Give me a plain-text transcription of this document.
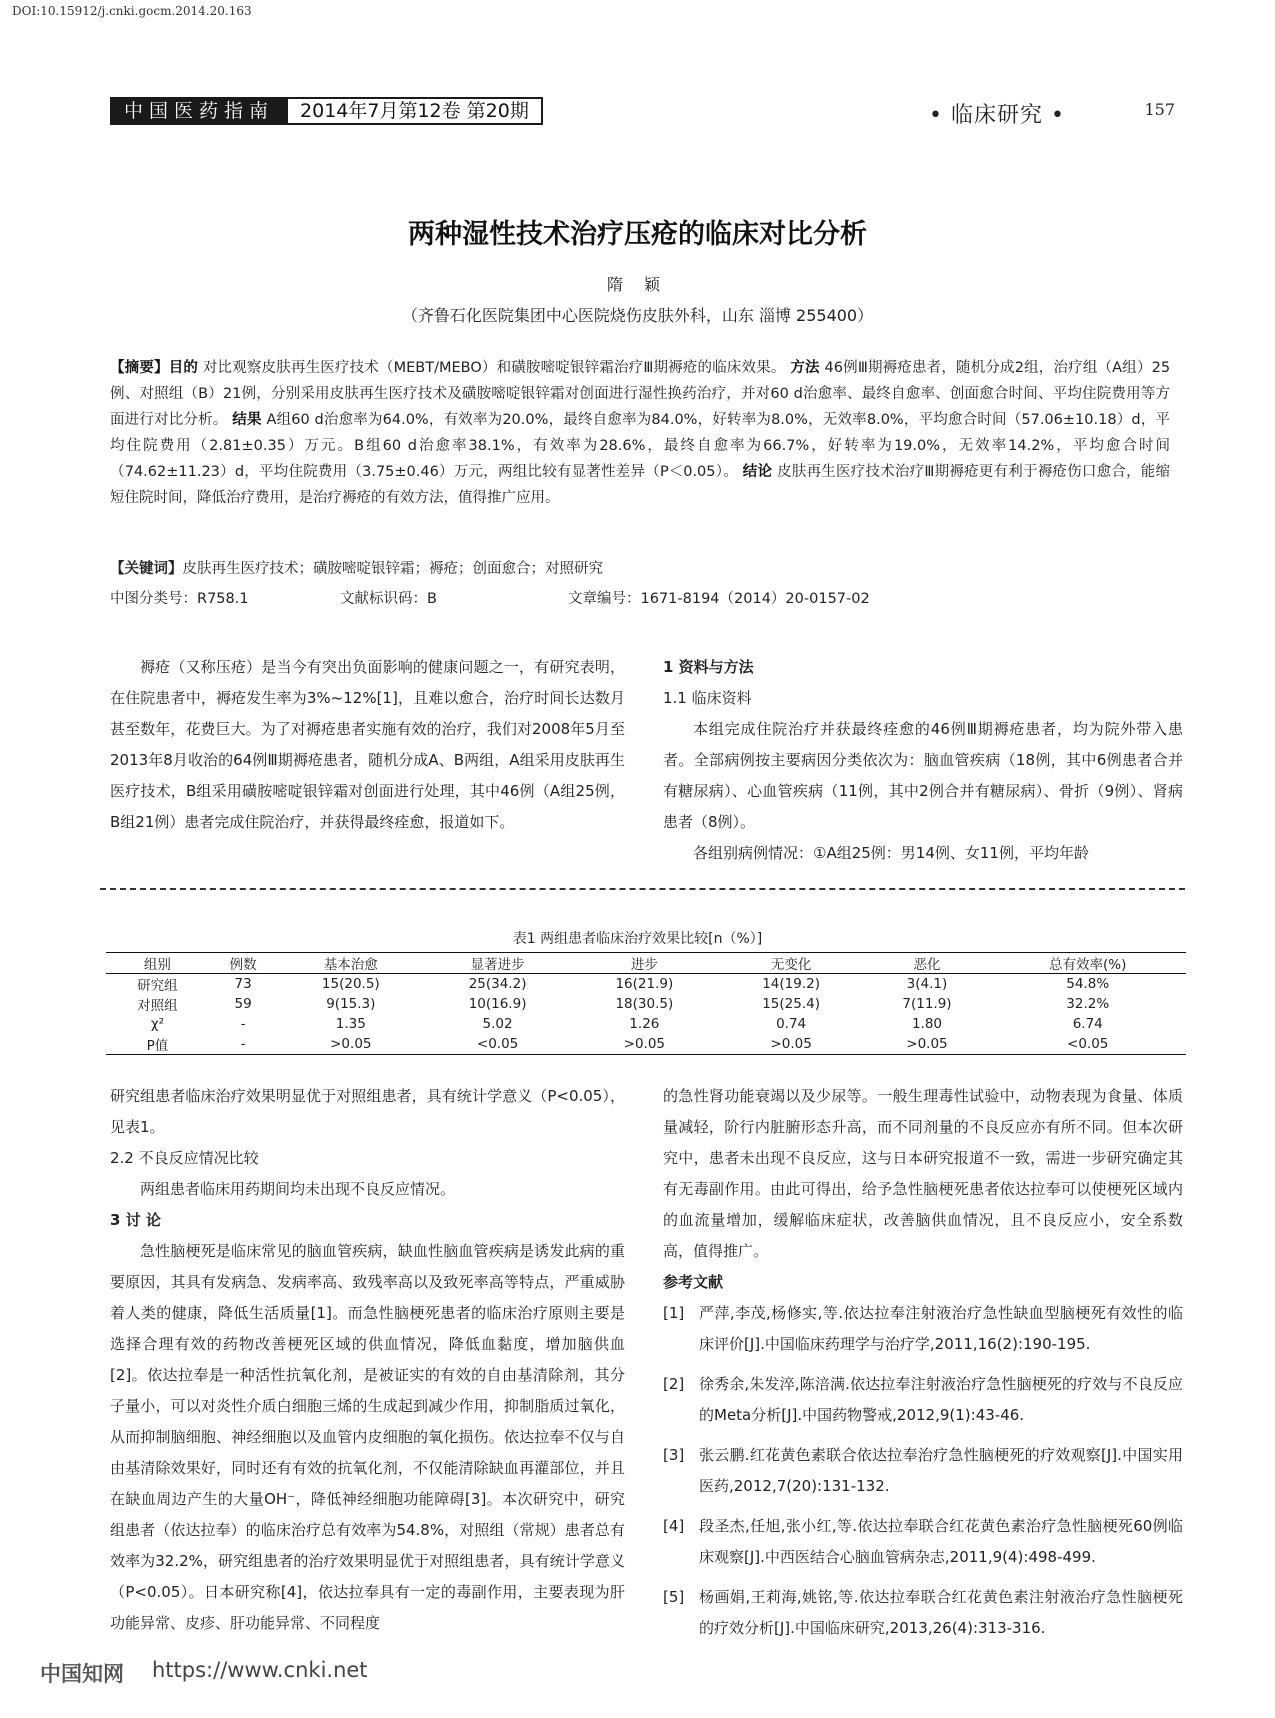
DOI:10.15912/j.cnki.gocm.2014.20.163
中国医药指南	2014年7月第12卷 第20期	• 临床研究 •	157
两种湿性技术治疗压疮的临床对比分析
隋 颖
（齐鲁石化医院集团中心医院烧伤皮肤外科，山东 淄博 255400）
【摘要】目的 对比观察皮肤再生医疗技术（MEBT/MEBO）和磺胺嘧啶银锌霜治疗Ⅲ期褥疮的临床效果。 方法 46例Ⅲ期褥疮患者，随机分成2组，治疗组（A组）25例、对照组（B）21例，分别采用皮肤再生医疗技术及磺胺嘧啶银锌霜对创面进行湿性换药治疗，并对60 d治愈率、最终自愈率、创面愈合时间、平均住院费用等方面进行对比分析。 结果 A组60 d治愈率为64.0%，有效率为20.0%，最终自愈率为84.0%，好转率为8.0%，无效率8.0%，平均愈合时间（57.06±10.18）d，平均住院费用（2.81±0.35）万元。B组60 d治愈率38.1%，有效率为28.6%，最终自愈率为66.7%，好转率为19.0%，无效率14.2%，平均愈合时间（74.62±11.23）d，平均住院费用（3.75±0.46）万元，两组比较有显著性差异（P＜0.05）。 结论 皮肤再生医疗技术治疗Ⅲ期褥疮更有利于褥疮伤口愈合，能缩短住院时间，降低治疗费用，是治疗褥疮的有效方法，值得推广应用。
【关键词】皮肤再生医疗技术；磺胺嘧啶银锌霜；褥疮；创面愈合；对照研究
中图分类号：R758.1	文献标识码：B	文章编号：1671-8194（2014）20-0157-02

褥疮（又称压疮）是当今有突出负面影响的健康问题之一，有研究表明，在住院患者中，褥疮发生率为3%~12%[1]，且难以愈合，治疗时间长达数月甚至数年，花费巨大。为了对褥疮患者实施有效的治疗，我们对2008年5月至2013年8月收治的64例Ⅲ期褥疮患者，随机分成A、B两组，A组采用皮肤再生医疗技术，B组采用磺胺嘧啶银锌霜对创面进行处理，其中46例（A组25例，B组21例）患者完成住院治疗，并获得最终痊愈，报道如下。

1 资料与方法

1.1 临床资料

本组完成住院治疗并获最终痊愈的46例Ⅲ期褥疮患者，均为院外带入患者。全部病例按主要病因分类依次为：脑血管疾病（18例，其中6例患者合并有糖尿病）、心血管疾病（11例，其中2例合并有糖尿病）、骨折（9例）、肾病患者（8例）。

各组别病例情况：①A组25例：男14例、女11例，平均年龄

表1 两组患者临床治疗效果比较[n（%）]
组别	例数	基本治愈	显著进步	进步	无变化	恶化	总有效率(%)
研究组	73	15(20.5)	25(34.2)	16(21.9)	14(19.2)	3(4.1)	54.8%
对照组	59	9(15.3)	10(16.9)	18(30.5)	15(25.4)	7(11.9)	32.2%
χ²	-	1.35	5.02	1.26	0.74	1.80	6.74
P值	-	>0.05	<0.05	>0.05	>0.05	>0.05	<0.05

研究组患者临床治疗效果明显优于对照组患者，具有统计学意义（P<0.05），见表1。

2.2 不良反应情况比较

两组患者临床用药期间均未出现不良反应情况。

3 讨 论

急性脑梗死是临床常见的脑血管疾病，缺血性脑血管疾病是诱发此病的重要原因，其具有发病急、发病率高、致残率高以及致死率高等特点，严重威胁着人类的健康，降低生活质量[1]。而急性脑梗死患者的临床治疗原则主要是选择合理有效的药物改善梗死区域的供血情况，降低血黏度，增加脑供血[2]。依达拉奉是一种活性抗氧化剂，是被证实的有效的自由基清除剂，其分子量小，可以对炎性介质白细胞三烯的生成起到减少作用，抑制脂质过氧化，从而抑制脑细胞、神经细胞以及血管内皮细胞的氧化损伤。依达拉奉不仅与自由基清除效果好，同时还有有效的抗氧化剂，不仅能清除缺血再灌部位，并且在缺血周边产生的大量OH⁻，降低神经细胞功能障碍[3]。本次研究中，研究组患者（依达拉奉）的临床治疗总有效率为54.8%，对照组（常规）患者总有效率为32.2%，研究组患者的治疗效果明显优于对照组患者，具有统计学意义（P<0.05）。日本研究称[4]，依达拉奉具有一定的毒副作用，主要表现为肝功能异常、皮疹、肝功能异常、不同程度

的急性肾功能衰竭以及少尿等。一般生理毒性试验中，动物表现为食量、体质量减轻，阶行内脏腑形态升高，而不同剂量的不良反应亦有所不同。但本次研究中，患者未出现不良反应，这与日本研究报道不一致，需进一步研究确定其有无毒副作用。由此可得出，给予急性脑梗死患者依达拉奉可以使梗死区域内的血流量增加，缓解临床症状，改善脑供血情况，且不良反应小，安全系数高，值得推广。

参考文献

[1] 严萍,李茂,杨修实,等.依达拉奉注射液治疗急性缺血型脑梗死有效性的临床评价[J].中国临床药理学与治疗学,2011,16(2):190-195.
[2] 徐秀余,朱发淬,陈涪满.依达拉奉注射液治疗急性脑梗死的疗效与不良反应的Meta分析[J].中国药物警戒,2012,9(1):43-46.
[3] 张云鹏.红花黄色素联合依达拉奉治疗急性脑梗死的疗效观察[J].中国实用医药,2012,7(20):131-132.
[4] 段圣杰,任旭,张小红,等.依达拉奉联合红花黄色素治疗急性脑梗死60例临床观察[J].中西医结合心脑血管病杂志,2011,9(4):498-499.
[5] 杨画娟,王莉海,姚铭,等.依达拉奉联合红花黄色素注射液治疗急性脑梗死的疗效分析[J].中国临床研究,2013,26(4):313-316.
中国知网 https://www.cnki.net
